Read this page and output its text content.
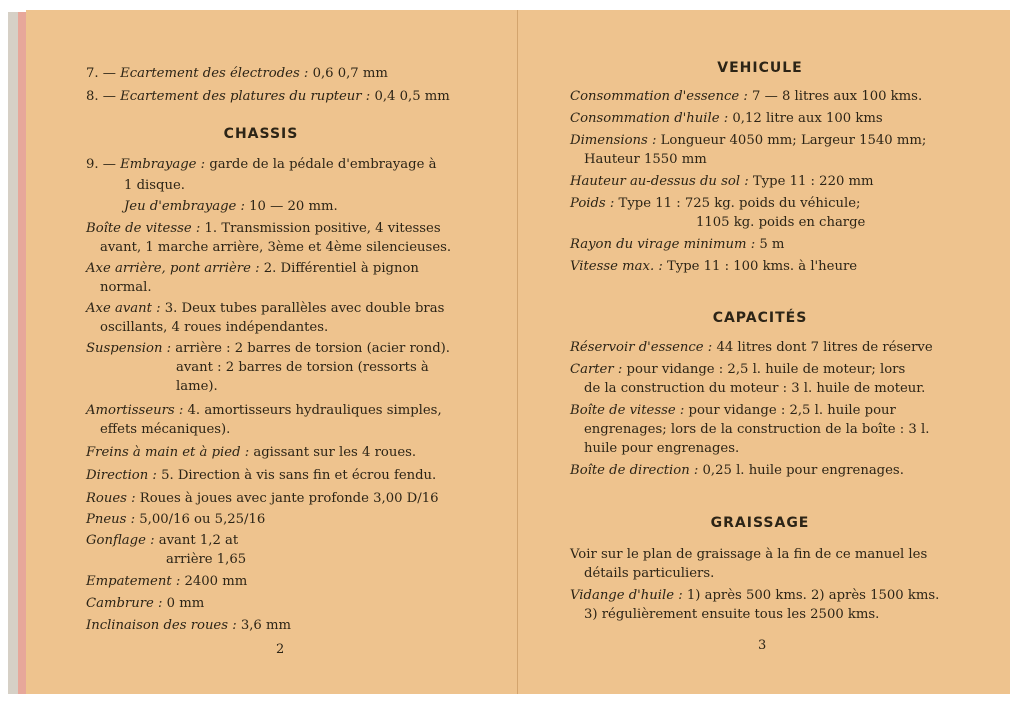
7. — Ecartement des électrodes : 0,6 0,7 mm
8. — Ecartement des platures du rupteur : 0,4 0,5 mm
CHASSIS
9. — Embrayage : garde de la pédale d'embrayage à
1 disque.
Jeu d'embrayage : 10 — 20 mm.
Boîte de vitesse : 1. Transmission positive, 4 vitesses
avant, 1 marche arrière, 3ème et 4ème silencieuses.
Axe arrière, pont arrière : 2. Différentiel à pignon
normal.
Axe avant : 3. Deux tubes parallèles avec double bras
oscillants, 4 roues indépendantes.
Suspension : arrière : 2 barres de torsion (acier rond).
avant : 2 barres de torsion (ressorts à
lame).
Amortisseurs : 4. amortisseurs hydrauliques simples,
effets mécaniques).
Freins à main et à pied : agissant sur les 4 roues.
Direction : 5. Direction à vis sans fin et écrou fendu.
Roues : Roues à joues avec jante profonde 3,00 D/16
Pneus : 5,00/16 ou 5,25/16
Gonflage : avant 1,2 at
arrière 1,65
Empatement : 2400 mm
Cambrure : 0 mm
Inclinaison des roues : 3,6 mm
2
VEHICULE
Consommation d'essence : 7 — 8 litres aux 100 kms.
Consommation d'huile : 0,12 litre aux 100 kms
Dimensions : Longueur 4050 mm; Largeur 1540 mm;
Hauteur 1550 mm
Hauteur au-dessus du sol : Type 11 : 220 mm
Poids : Type 11 : 725 kg. poids du véhicule;
1105 kg. poids en charge
Rayon du virage minimum : 5 m
Vitesse max. : Type 11 : 100 kms. à l'heure
CAPACITÉS
Réservoir d'essence : 44 litres dont 7 litres de réserve
Carter : pour vidange : 2,5 l. huile de moteur; lors
de la construction du moteur : 3 l. huile de moteur.
Boîte de vitesse : pour vidange : 2,5 l. huile pour
engrenages; lors de la construction de la boîte : 3 l.
huile pour engrenages.
Boîte de direction : 0,25 l. huile pour engrenages.
GRAISSAGE
Voir sur le plan de graissage à la fin de ce manuel les
détails particuliers.
Vidange d'huile : 1) après 500 kms. 2) après 1500 kms.
3) régulièrement ensuite tous les 2500 kms.
3
